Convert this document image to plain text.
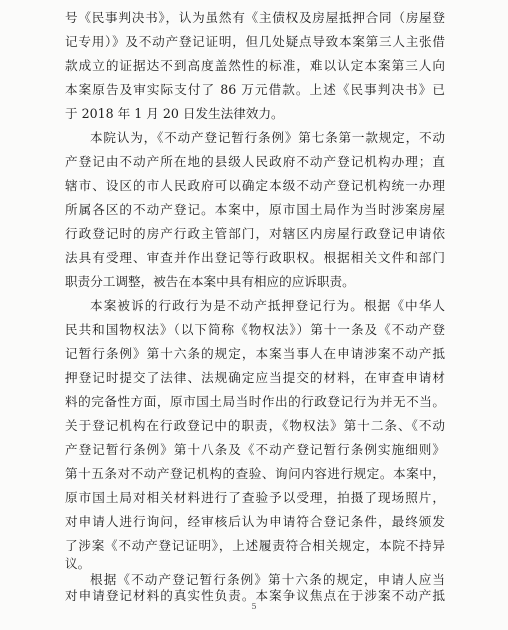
号《民事判决书》，认为虽然有《主债权及房屋抵押合同（房屋登
记专用）》及不动产登记证明，但几处疑点导致本案第三人主张借
款成立的证据达不到高度盖然性的标准，难以认定本案第三人向
本案原告及审实际支付了 86 万元借款。上述《民事判决书》已
于 2018 年 1 月 20 日发生法律效力。
本院认为，《不动产登记暂行条例》第七条第一款规定，不动
产登记由不动产所在地的县级人民政府不动产登记机构办理；直
辖市、设区的市人民政府可以确定本级不动产登记机构统一办理
所属各区的不动产登记。本案中，原市国土局作为当时涉案房屋
行政登记时的房产行政主管部门，对辖区内房屋行政登记申请依
法具有受理、审查并作出登记等行政职权。根据相关文件和部门
职责分工调整，被告在本案中具有相应的应诉职责。
本案被诉的行政行为是不动产抵押登记行为。根据《中华人
民共和国物权法》（以下简称《物权法》）第十一条及《不动产登
记暂行条例》第十六条的规定，本案当事人在申请涉案不动产抵
押登记时提交了法律、法规确定应当提交的材料，在审查申请材
料的完备性方面，原市国土局当时作出的行政登记行为并无不当。
关于登记机构在行政登记中的职责，《物权法》第十二条、《不动
产登记暂行条例》第十八条及《不动产登记暂行条例实施细则》
第十五条对不动产登记机构的查验、询问内容进行规定。本案中，
原市国土局对相关材料进行了查验予以受理，拍摄了现场照片，
对申请人进行询问，经审核后认为申请符合登记条件，最终颁发
了涉案《不动产登记证明》，上述履责符合相关规定，本院不持异
议。
根据《不动产登记暂行条例》第十六条的规定，申请人应当
对申请登记材料的真实性负责。本案争议焦点在于涉案不动产抵
5
